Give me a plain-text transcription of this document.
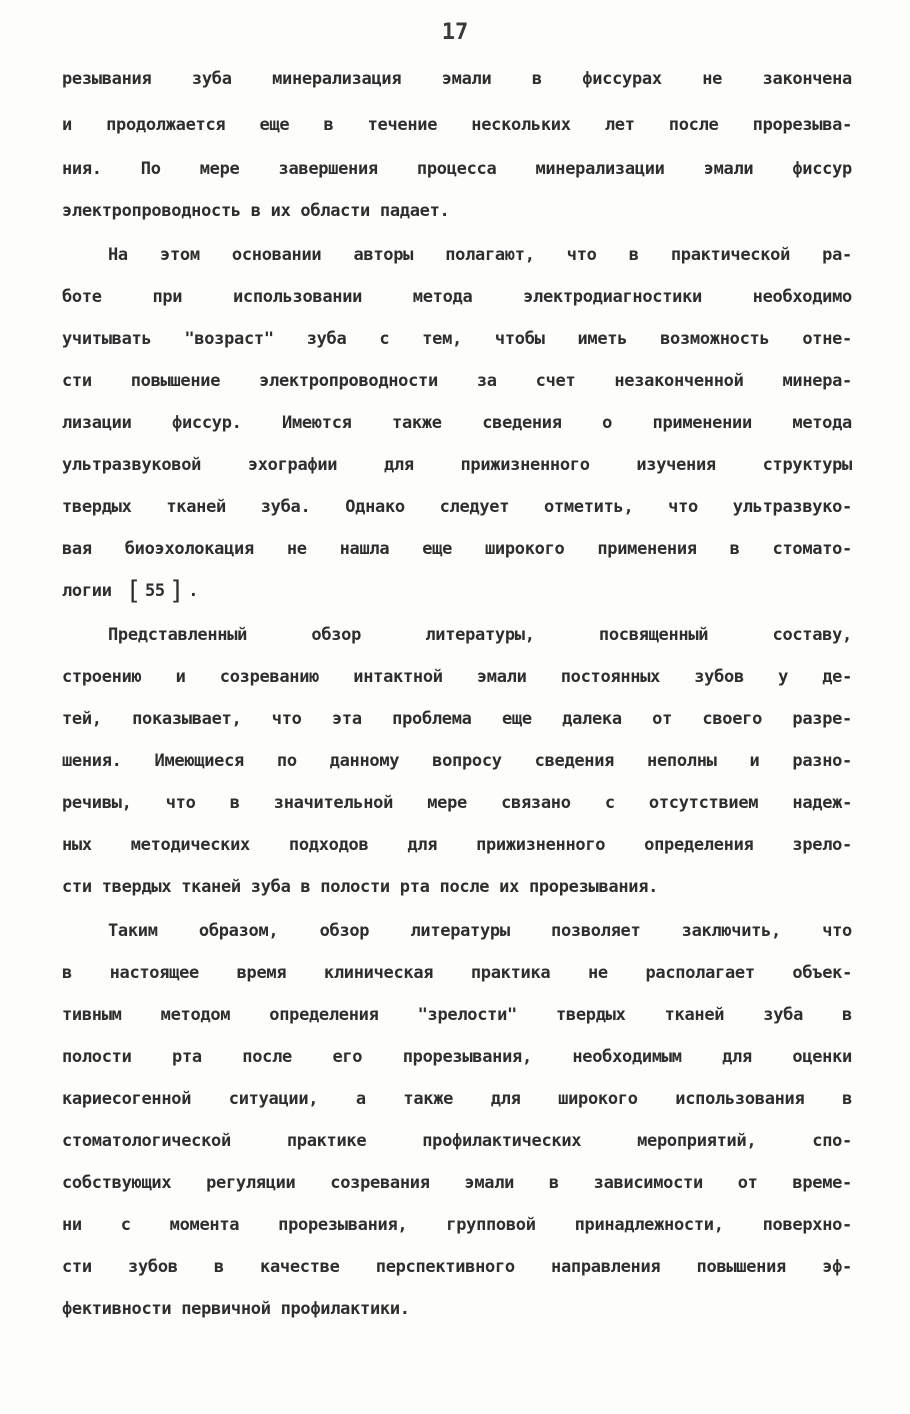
17
резывания зуба минерализация эмали в фиссурах не закончена
и продолжается еще в течение нескольких лет после прорезыва-
ния. По мере завершения процесса минерализации эмали фиссур
электропроводность в их области падает.
На этом основании авторы полагают, что в практической ра-
боте при использовании метода электродиагностики необходимо
учитывать "возраст" зуба с тем, чтобы иметь возможность отне-
сти повышение электропроводности за счет незаконченной минера-
лизации фиссур. Имеются также сведения о применении метода
ультразвуковой эхографии для прижизненного изучения структуры
твердых тканей зуба. Однако следует отметить, что ультразвуко-
вая биоэхолокация не нашла еще широкого применения в стомато-
логии [ 55 ] .
Представленный обзор литературы, посвященный составу,
строению и созреванию интактной эмали постоянных зубов у де-
тей, показывает, что эта проблема еще далека от своего разре-
шения. Имеющиеся по данному вопросу сведения неполны и разно-
речивы, что в значительной мере связано с отсутствием надеж-
ных методических подходов для прижизненного определения зрело-
сти твердых тканей зуба в полости рта после их прорезывания.
Таким образом, обзор литературы позволяет заключить, что
в настоящее время клиническая практика не располагает объек-
тивным методом определения "зрелости" твердых тканей зуба в
полости рта после его прорезывания, необходимым для оценки
кариесогенной ситуации, а также для широкого использования в
стоматологической практике профилактических мероприятий, спо-
собствующих регуляции созревания эмали в зависимости от време-
ни с момента прорезывания, групповой принадлежности, поверхно-
сти зубов в качестве перспективного направления повышения эф-
фективности первичной профилактики.
